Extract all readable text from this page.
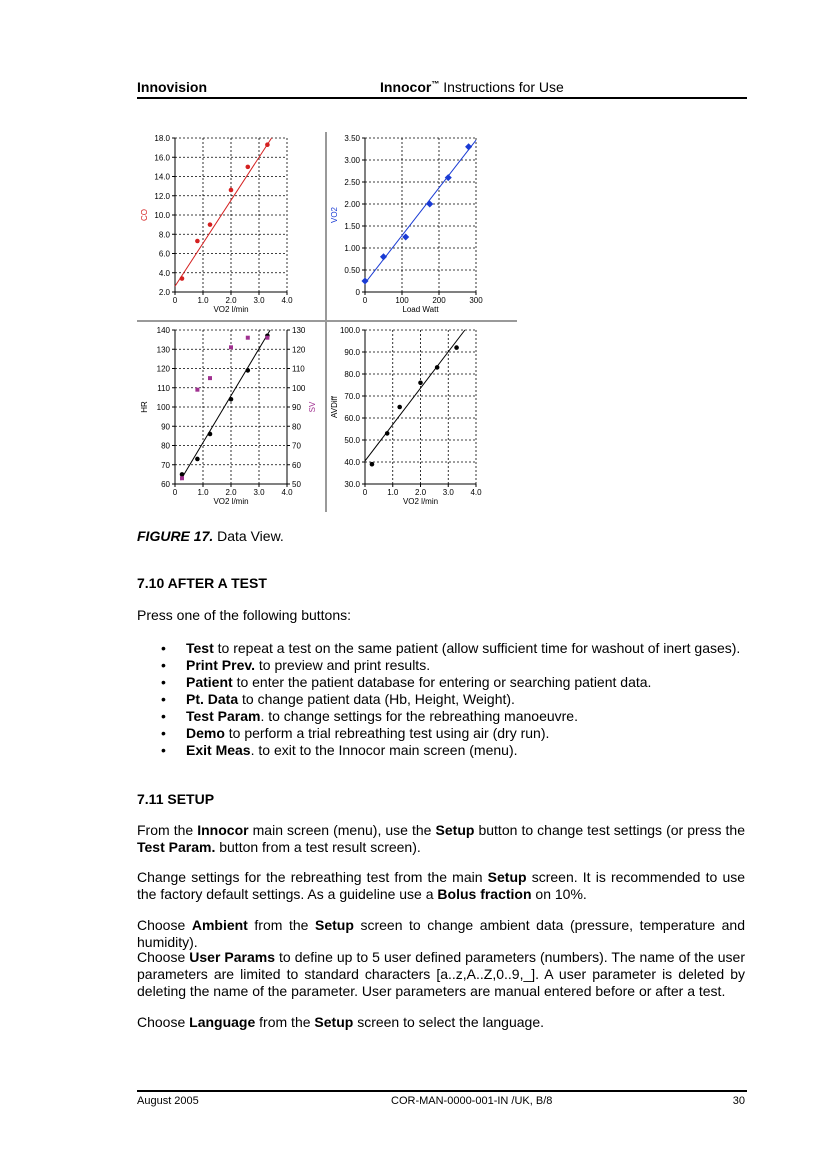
Innovision	Innocor™ Instructions for Use
0	1.0 2.0 3.0 4.0
2.0
4.0
6.0
8.0
10.0
12.0
14.0
16.0
18.0
VO2 l/min
CO
0	100	200	300
0
0.50
1.00
1.50
2.00
2.50
3.00
3.50
Load Watt
VO2
0	1.0 2.0 3.0 4.0
60
70
80
90
100
110
120
130
140
50
60
70
80
90
100
110
120
130
SV
VO2 l/min
HR
0 1.0 2.0 3.0 4.0
30.0
40.0
50.0
60.0
70.0
80.0
90.0
100.0
VO2 l/min
AVDiff
FIGURE 17. Data View.
7.10 AFTER A TEST
Press one of the following buttons:
• Test to repeat a test on the same patient (allow sufficient time for washout of inert gases).
• Print Prev. to preview and print results.
• Patient to enter the patient database for entering or searching patient data.
• Pt. Data to change patient data (Hb, Height, Weight).
• Test Param. to change settings for the rebreathing manoeuvre.
• Demo to perform a trial rebreathing test using air (dry run).
• Exit Meas. to exit to the Innocor main screen (menu).
7.11 SETUP
From the Innocor main screen (menu), use the Setup button to change test settings (or press the Test Param. button from a test result screen).
Change settings for the rebreathing test from the main Setup screen. It is recommended to use the factory default settings. As a guideline use a Bolus fraction on 10%.
Choose Ambient from the Setup screen to change ambient data (pressure, temperature and humidity).
Choose User Params to define up to 5 user defined parameters (numbers). The name of the user parameters are limited to standard characters [a..z,A..Z,0..9,_]. A user parameter is deleted by deleting the name of the parameter. User parameters are manual entered before or after a test.
Choose Language from the Setup screen to select the language.
August 2005	COR-MAN-0000-001-IN /UK, B/8	30
